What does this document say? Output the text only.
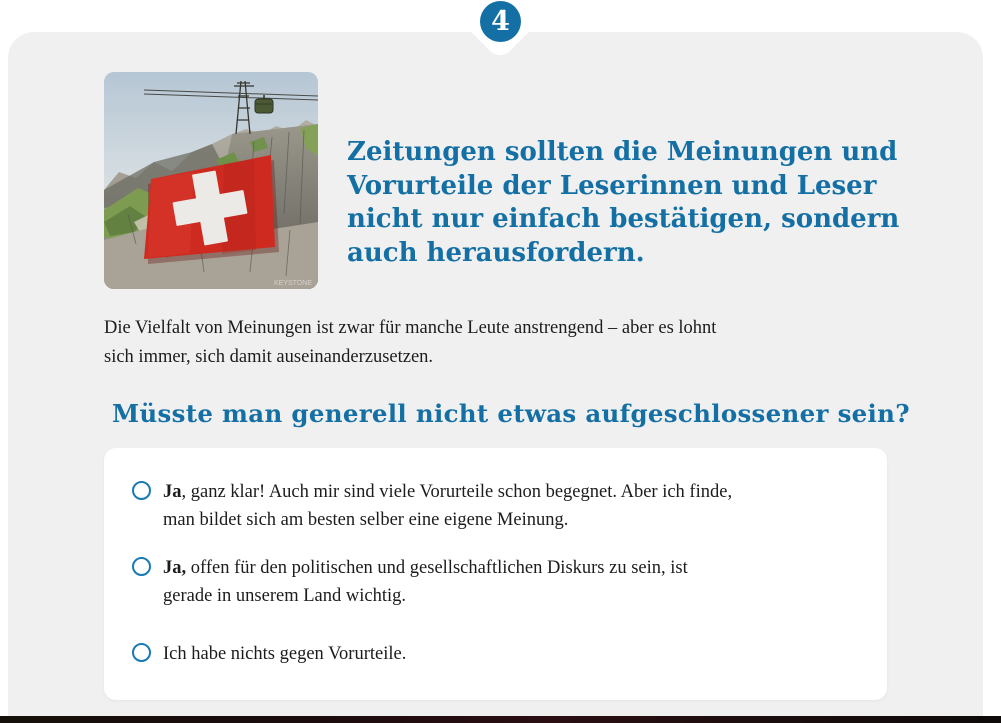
4
KEYSTONE
Zeitungen sollten die Meinungen und
Vorurteile der Leserinnen und Leser
nicht nur einfach bestätigen, sondern
auch herausfordern.

Die Vielfalt von Meinungen ist zwar für manche Leute anstrengend – aber es lohnt
sich immer, sich damit auseinanderzusetzen.

Müsste man generell nicht etwas aufgeschlossener sein?
Ja, ganz klar! Auch mir sind viele Vorurteile schon begegnet. Aber ich finde,
man bildet sich am besten selber eine eigene Meinung.
Ja, offen für den politischen und gesellschaftlichen Diskurs zu sein, ist
gerade in unserem Land wichtig.
Ich habe nichts gegen Vorurteile.
